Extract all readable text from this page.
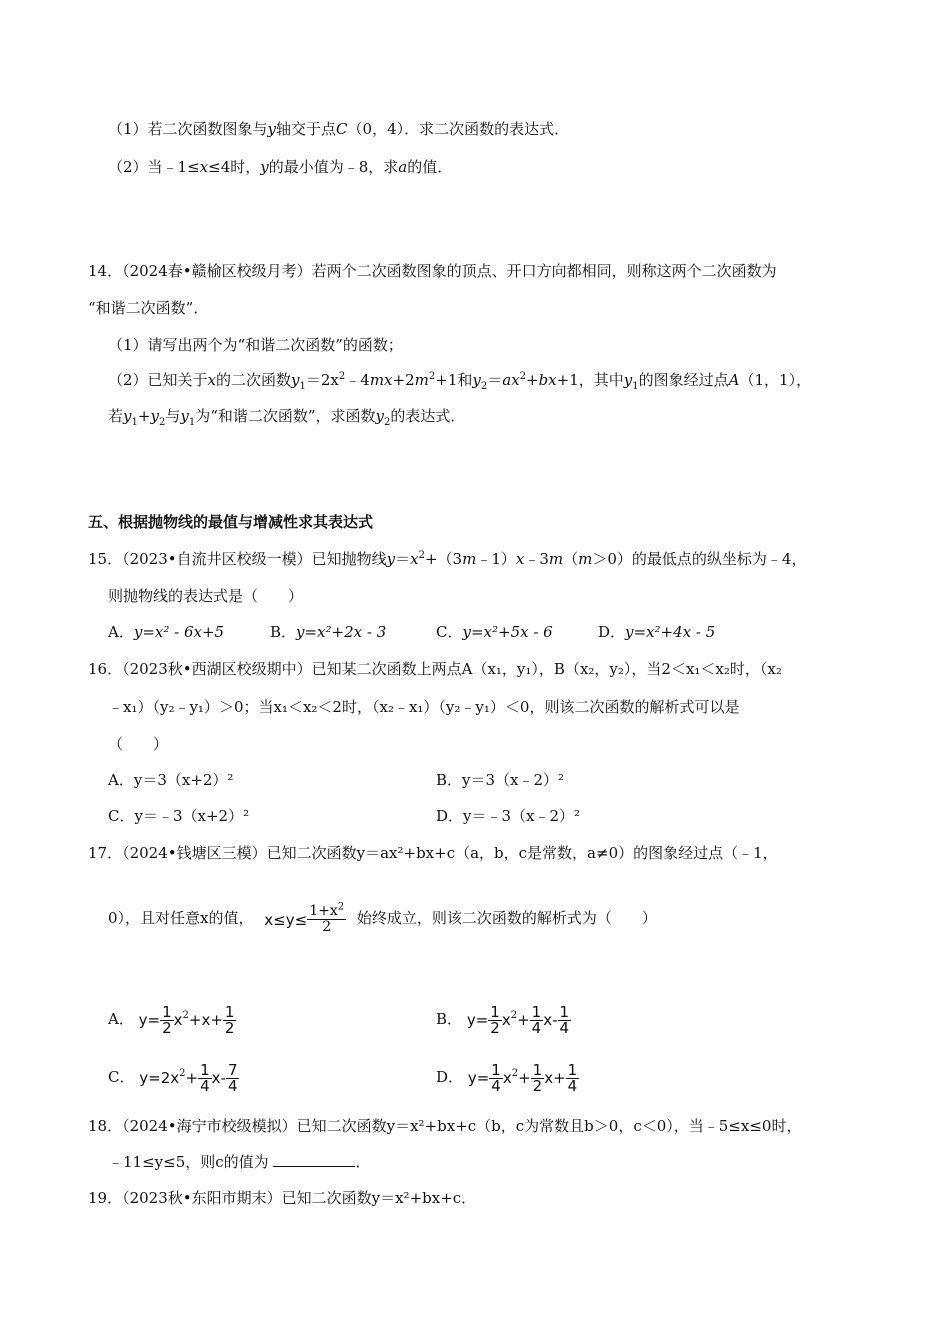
（1）若二次函数图象与y轴交于点C（0，4）．求二次函数的表达式．
（2）当﹣1≤x≤4时，y的最小值为﹣8，求a的值．
14．（2024春•赣榆区校级月考）若两个二次函数图象的顶点、开口方向都相同，则称这两个二次函数为
“和谐二次函数”．
（1）请写出两个为“和谐二次函数”的函数；
（2）已知关于x的二次函数$y_1=2x^2﹣4mx+2m^2+1$和$y_2=ax^2+bx+1$，其中$y_1$的图象经过点A（1，1），
若$y_1+y_2$与$y_1$为“和谐二次函数”，求函数$y_2$的表达式．
五、根据抛物线的最值与增减性求其表达式
15．（2023•自流井区校级一模）已知抛物线$y=x^2+(3m﹣1)x﹣3m(m>0)$的最低点的纵坐标为﹣4，
则抛物线的表达式是（　　）
A．y=x² - 6x+5	B．y=x²+2x - 3	C．y=x²+5x - 6	D．y=x²+4x - 5
16．（2023秋•西湖区校级期中）已知某二次函数上两点A（x₁，y₁），B（x₂，y₂），当2＜x₁＜x₂时，（x₂
﹣x₁）（y₂﹣y₁）＞0；当x₁＜x₂＜2时，（x₂﹣x₁）（y₂﹣y₁）＜0，则该二次函数的解析式可以是
（　　）
A．y＝3（x+2）²	B．y＝3（x﹣2）²
C．y＝﹣3（x+2）²	D．y＝﹣3（x﹣2）²
17．（2024•钱塘区三模）已知二次函数y＝ax²+bx+c（a，b，c是常数，a≠0）的图象经过点（﹣1，
0），且对任意x的值， $x\le y\le \frac{1+x^2}{2}$ 始终成立，则该二次函数的解析式为（　　）
A． $y= \frac{1}{2} x^2+x+ \frac{1}{2}$	B． $y= \frac{1}{2} x^2+ \frac{1}{4} x- \frac{1}{4}$
C． $y=2x^2+ \frac{1}{4} x- \frac{7}{4}$	D． $y= \frac{1}{4} x^2+ \frac{1}{2} x+ \frac{1}{4}$
18．（2024•海宁市校级模拟）已知二次函数y＝x²+bx+c（b，c为常数且b＞0，c＜0），当﹣5≤x≤0时，
﹣11≤y≤5，则c的值为	．
19．（2023秋•东阳市期末）已知二次函数y＝x²+bx+c．
